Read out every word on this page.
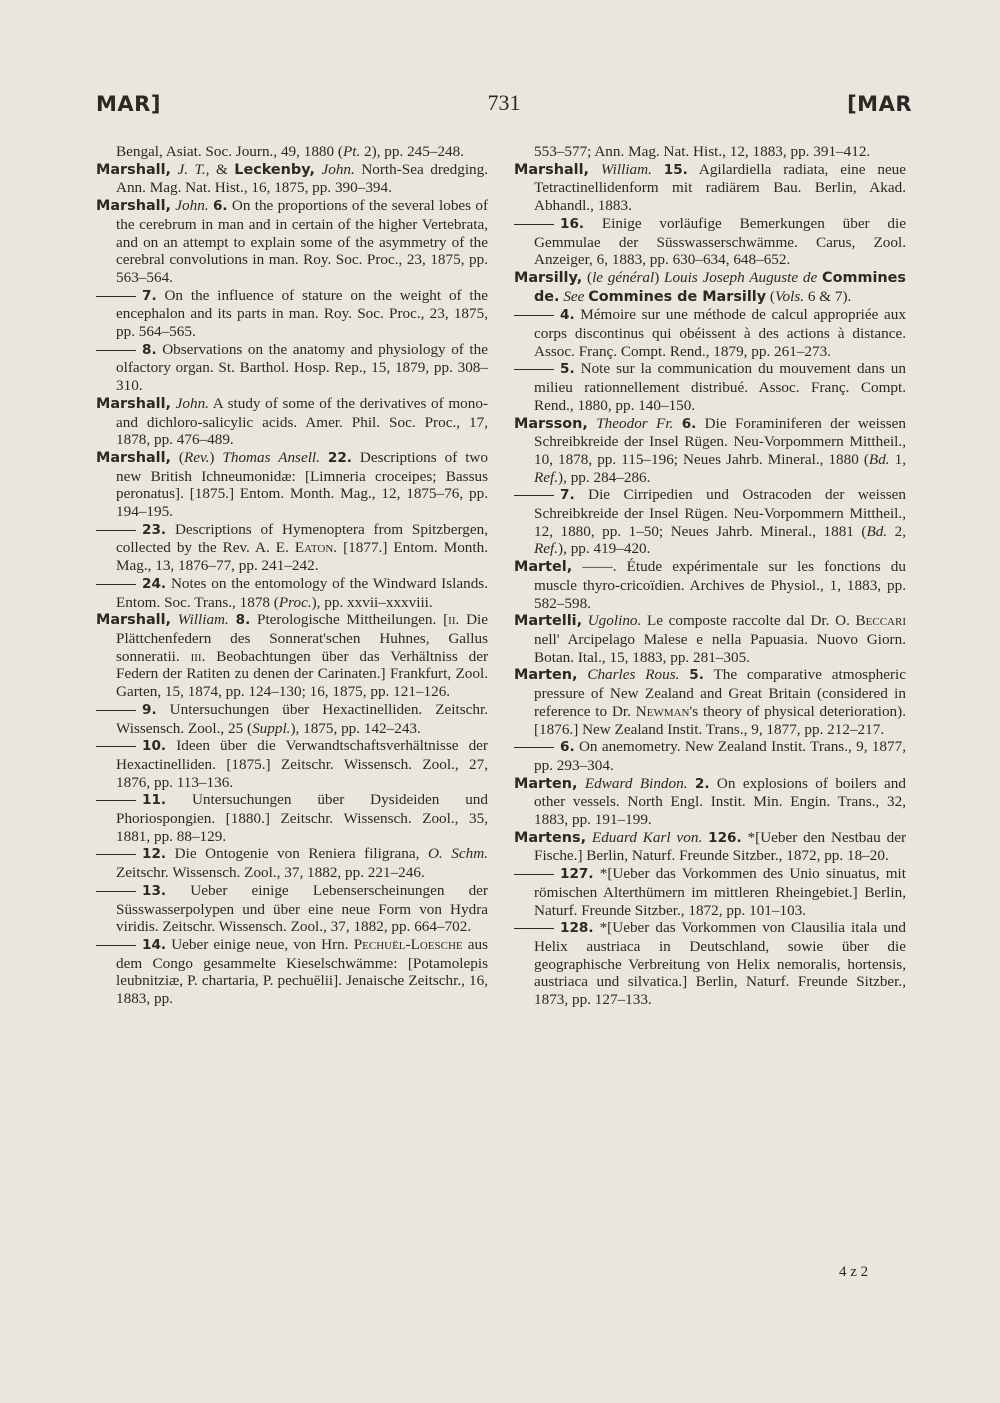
MAR]	731	[MAR
Bengal, Asiat. Soc. Journ., 49, 1880 (Pt. 2), pp. 245–248.
Marshall, J. T., & Leckenby, John. North-Sea dredging. Ann. Mag. Nat. Hist., 16, 1875, pp. 390–394.
Marshall, John. 6. On the proportions of the several lobes of the cerebrum in man and in certain of the higher Vertebrata, and on an attempt to explain some of the asymmetry of the cerebral convolutions in man. Roy. Soc. Proc., 23, 1875, pp. 563–564.
7. On the influence of stature on the weight of the encephalon and its parts in man. Roy. Soc. Proc., 23, 1875, pp. 564–565.
8. Observations on the anatomy and physiology of the olfactory organ. St. Barthol. Hosp. Rep., 15, 1879, pp. 308–310.
Marshall, John. A study of some of the derivatives of mono- and dichloro-salicylic acids. Amer. Phil. Soc. Proc., 17, 1878, pp. 476–489.
Marshall, (Rev.) Thomas Ansell. 22. Descriptions of two new British Ichneumonidæ: [Limneria croceipes; Bassus peronatus]. [1875.] Entom. Month. Mag., 12, 1875–76, pp. 194–195.
23. Descriptions of Hymenoptera from Spitzbergen, collected by the Rev. A. E. Eaton. [1877.] Entom. Month. Mag., 13, 1876–77, pp. 241–242.
24. Notes on the entomology of the Windward Islands. Entom. Soc. Trans., 1878 (Proc.), pp. xxvii–xxxviii.
Marshall, William. 8. Pterologische Mittheilungen. [ii. Die Plättchenfedern des Sonnerat'schen Huhnes, Gallus sonneratii. iii. Beobachtungen über das Verhältniss der Federn der Ratiten zu denen der Carinaten.] Frankfurt, Zool. Garten, 15, 1874, pp. 124–130; 16, 1875, pp. 121–126.
9. Untersuchungen über Hexactinelliden. Zeitschr. Wissensch. Zool., 25 (Suppl.), 1875, pp. 142–243.
10. Ideen über die Verwandtschaftsverhältnisse der Hexactinelliden. [1875.] Zeitschr. Wissensch. Zool., 27, 1876, pp. 113–136.
11. Untersuchungen über Dysideiden und Phoriospongien. [1880.] Zeitschr. Wissensch. Zool., 35, 1881, pp. 88–129.
12. Die Ontogenie von Reniera filigrana, O. Schm. Zeitschr. Wissensch. Zool., 37, 1882, pp. 221–246.
13. Ueber einige Lebenserscheinungen der Süsswasserpolypen und über eine neue Form von Hydra viridis. Zeitschr. Wissensch. Zool., 37, 1882, pp. 664–702.
14. Ueber einige neue, von Hrn. Pechuël-Loesche aus dem Congo gesammelte Kieselschwämme: [Potamolepis leubnitziæ, P. chartaria, P. pechuëlii]. Jenaische Zeitschr., 16, 1883, pp.
553–577; Ann. Mag. Nat. Hist., 12, 1883, pp. 391–412.
Marshall, William. 15. Agilardiella radiata, eine neue Tetractinellidenform mit radiärem Bau. Berlin, Akad. Abhandl., 1883.
16. Einige vorläufige Bemerkungen über die Gemmulae der Süsswasserschwämme. Carus, Zool. Anzeiger, 6, 1883, pp. 630–634, 648–652.
Marsilly, (le général) Louis Joseph Auguste de Commines de. See Commines de Marsilly (Vols. 6 & 7).
4. Mémoire sur une méthode de calcul appropriée aux corps discontinus qui obéissent à des actions à distance. Assoc. Franç. Compt. Rend., 1879, pp. 261–273.
5. Note sur la communication du mouvement dans un milieu rationnellement distribué. Assoc. Franç. Compt. Rend., 1880, pp. 140–150.
Marsson, Theodor Fr. 6. Die Foraminiferen der weissen Schreibkreide der Insel Rügen. Neu-Vorpommern Mittheil., 10, 1878, pp. 115–196; Neues Jahrb. Mineral., 1880 (Bd. 1, Ref.), pp. 284–286.
7. Die Cirripedien und Ostracoden der weissen Schreibkreide der Insel Rügen. Neu-Vorpommern Mittheil., 12, 1880, pp. 1–50; Neues Jahrb. Mineral., 1881 (Bd. 2, Ref.), pp. 419–420.
Martel, ——. Étude expérimentale sur les fonctions du muscle thyro-cricoïdien. Archives de Physiol., 1, 1883, pp. 582–598.
Martelli, Ugolino. Le composte raccolte dal Dr. O. Beccari nell' Arcipelago Malese e nella Papuasia. Nuovo Giorn. Botan. Ital., 15, 1883, pp. 281–305.
Marten, Charles Rous. 5. The comparative atmospheric pressure of New Zealand and Great Britain (considered in reference to Dr. Newman's theory of physical deterioration). [1876.] New Zealand Instit. Trans., 9, 1877, pp. 212–217.
6. On anemometry. New Zealand Instit. Trans., 9, 1877, pp. 293–304.
Marten, Edward Bindon. 2. On explosions of boilers and other vessels. North Engl. Instit. Min. Engin. Trans., 32, 1883, pp. 191–199.
Martens, Eduard Karl von. 126. *[Ueber den Nestbau der Fische.] Berlin, Naturf. Freunde Sitzber., 1872, pp. 18–20.
127. *[Ueber das Vorkommen des Unio sinuatus, mit römischen Alterthümern im mittleren Rheingebiet.] Berlin, Naturf. Freunde Sitzber., 1872, pp. 101–103.
128. *[Ueber das Vorkommen von Clausilia itala und Helix austriaca in Deutschland, sowie über die geographische Verbreitung von Helix nemoralis, hortensis, austriaca und silvatica.] Berlin, Naturf. Freunde Sitzber., 1873, pp. 127–133.
4 z 2
